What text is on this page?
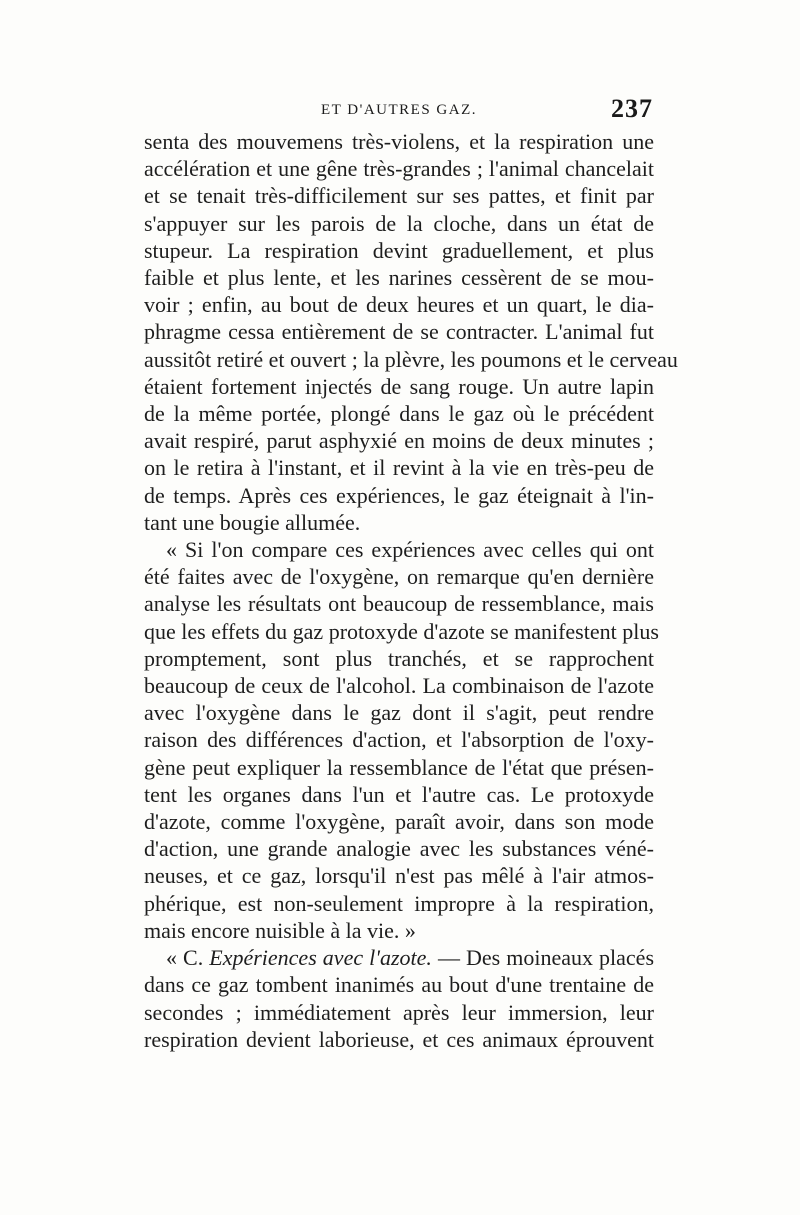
ET D'AUTRES GAZ.	237
senta des mouvemens très-violens, et la respiration une
accélération et une gêne très-grandes ; l'animal chancelait
et se tenait très-difficilement sur ses pattes, et finit par
s'appuyer sur les parois de la cloche, dans un état de
stupeur. La respiration devint graduellement, et plus
faible et plus lente, et les narines cessèrent de se mou-
voir ; enfin, au bout de deux heures et un quart, le dia-
phragme cessa entièrement de se contracter. L'animal fut
aussitôt retiré et ouvert ; la plèvre, les poumons et le cerveau
étaient fortement injectés de sang rouge. Un autre lapin
de la même portée, plongé dans le gaz où le précédent
avait respiré, parut asphyxié en moins de deux minutes ;
on le retira à l'instant, et il revint à la vie en très-peu de
de temps. Après ces expériences, le gaz éteignait à l'in-
tant une bougie allumée.
« Si l'on compare ces expériences avec celles qui ont
été faites avec de l'oxygène, on remarque qu'en dernière
analyse les résultats ont beaucoup de ressemblance, mais
que les effets du gaz protoxyde d'azote se manifestent plus
promptement, sont plus tranchés, et se rapprochent
beaucoup de ceux de l'alcohol. La combinaison de l'azote
avec l'oxygène dans le gaz dont il s'agit, peut rendre
raison des différences d'action, et l'absorption de l'oxy-
gène peut expliquer la ressemblance de l'état que présen-
tent les organes dans l'un et l'autre cas. Le protoxyde
d'azote, comme l'oxygène, paraît avoir, dans son mode
d'action, une grande analogie avec les substances véné-
neuses, et ce gaz, lorsqu'il n'est pas mêlé à l'air atmos-
phérique, est non-seulement impropre à la respiration,
mais encore nuisible à la vie. »
« C. Expériences avec l'azote. — Des moineaux placés
dans ce gaz tombent inanimés au bout d'une trentaine de
secondes ; immédiatement après leur immersion, leur
respiration devient laborieuse, et ces animaux éprouvent
